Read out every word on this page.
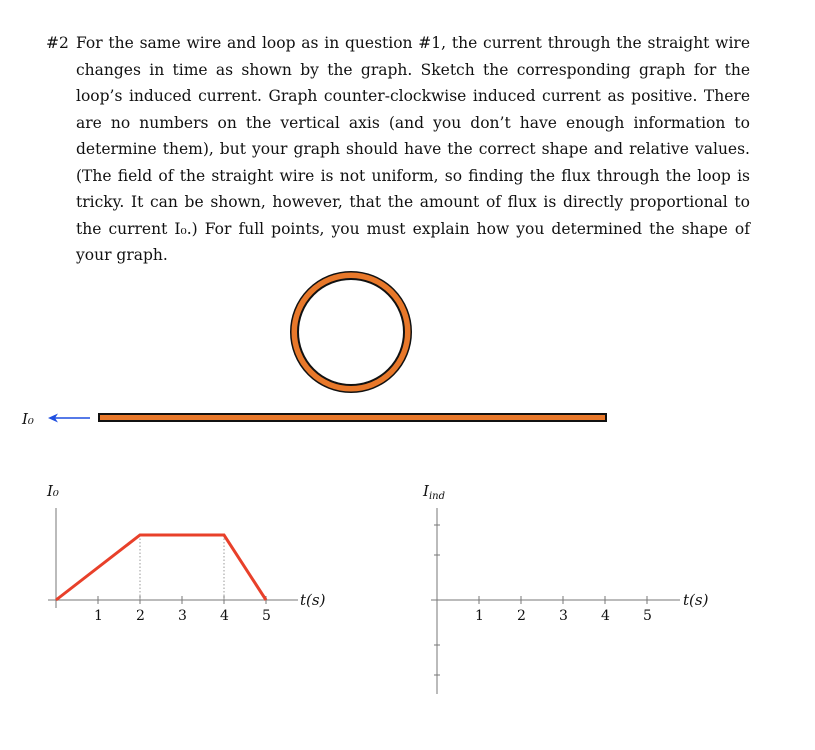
#2 For the same wire and loop as in question #1, the current through the straight wire changes in time as shown by the graph. Sketch the corresponding graph for the loop’s induced current. Graph counter-clockwise induced current as positive. There are no numbers on the vertical axis (and you don’t have enough information to determine them), but your graph should have the correct shape and relative values. (The field of the straight wire is not uniform, so finding the flux through the loop is tricky. It can be shown, however, that the amount of flux is directly proportional to the current I₀.) For full points, you must explain how you determined the shape of your graph.
I₀
I₀
t(s)
1 2 3 4 5
$I_{ind}$
t(s)
1 2 3 4 5
